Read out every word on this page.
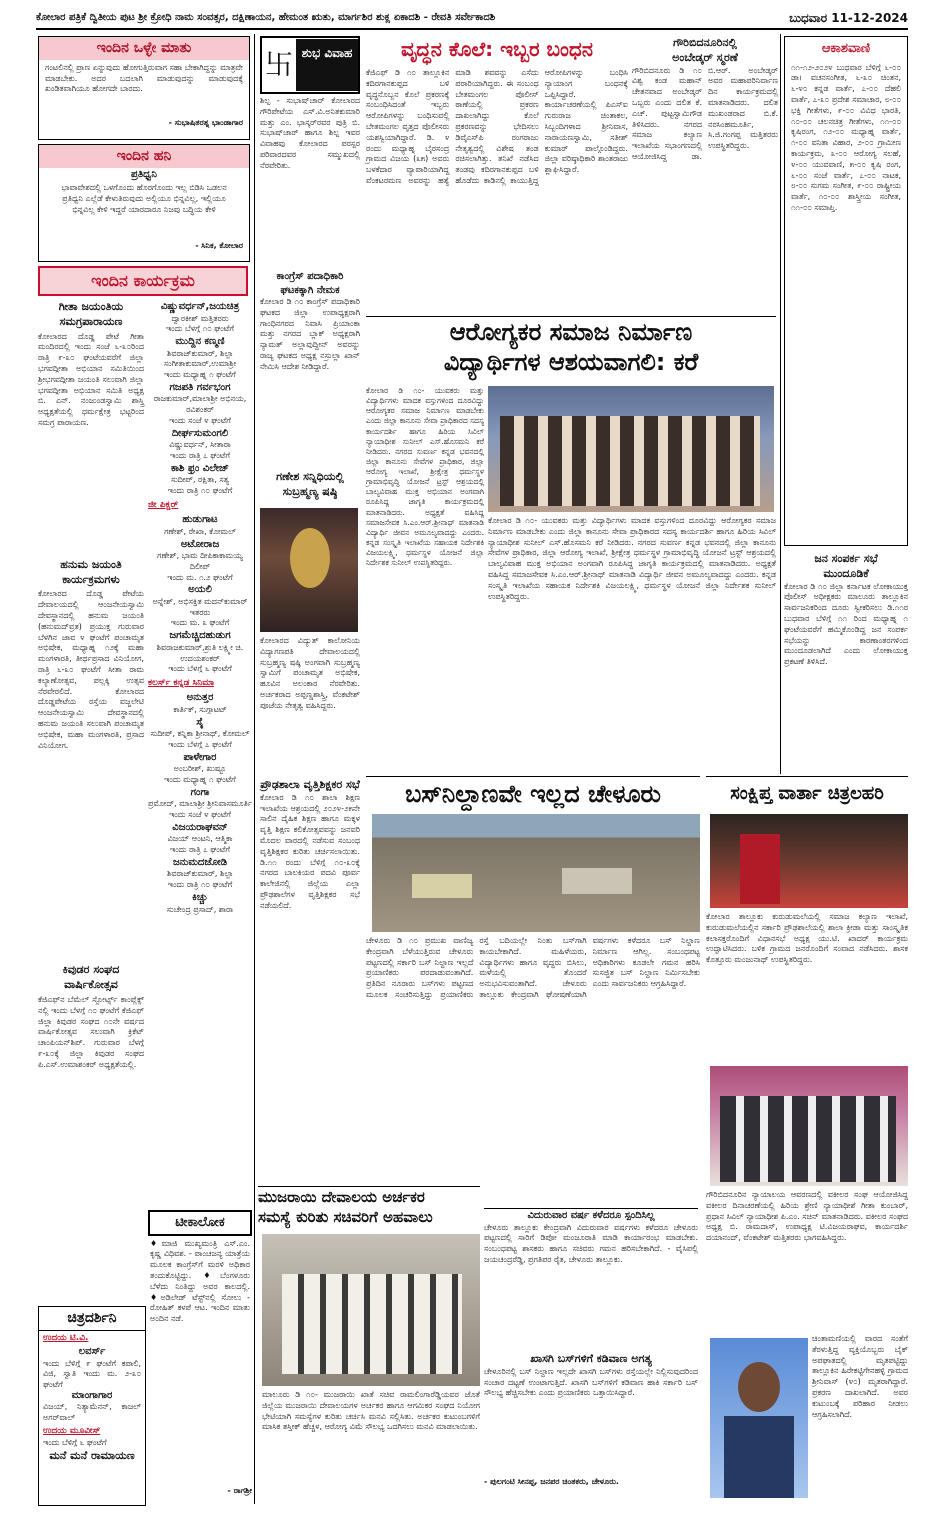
ಕೋಲಾರ ಪತ್ರಿಕೆ ದ್ವಿತೀಯ ಪುಟ ಶ್ರೀ ಕ್ರೋಧಿ ನಾಮ ಸಂವತ್ಸರ, ದಕ್ಷಿಣಾಯನ, ಹೇಮಂತ ಋತು, ಮಾರ್ಗಶಿರ ಶುಕ್ಲ ಏಕಾದಶಿ - ರೇವತಿ ಸರ್ವೇಕಾದಶಿ	ಬುಧವಾರ 11-12-2024
ಇಂದಿನ ಒಳ್ಳೇ ಮಾತು
ಗಂಟಲಿನಲ್ಲಿ ಪ್ರಾಣ ಏನ್ನುವುದು ಹೋಗುತ್ತಿರುವಾಗ ಸಹಾ ಬೇಕಾಗಿದ್ದನ್ನು ಮಾತ್ರವೇ ಮಾಡಬೇಕು. ಅದರ ಬದಲಾಗಿ ಮಾಡುವುದನ್ನು ಮಾಡುವುದಕ್ಕೆ ಖಂಡಿತವಾಗಿಯೂ ಹೋಗದೇ ಬಾರದು.
- ಸುಭಾಷಿತರತ್ನ ಭಾಂಡಾಗಾರ
ಇಂದಿನ ಹನಿ
ಪ್ರತಿಧ್ವನಿ
ಭಾವಾವೇಶದಲ್ಲಿ ಒಳಗೊಂದು ಹೊರಗೊಂದು ಇಲ್ಲ ಬಿಡಿಸಿ ಒಡಲನ ಪ್ರತಿಧ್ವನಿ ಎಲ್ಲೆಡೆ ಕೇಳುತಿರುವುದು ಅಲ್ಲಿಯೂ ಭಿನ್ನವಿಲ್ಲ, ಇಲ್ಲಿಯೂ ಭಿನ್ನವಿಲ್ಲ ಕೇಳಿ ಇದ್ದರೆ ಯಾರದಾರೂ ನಿಜವು ಬದ್ಧಿಯ ಕೇಳಿ
- ಸಿನಿಕ, ಕೋಲಾರ
ಇಂದಿನ ಕಾರ್ಯಕ್ರಮ
ಗೀತಾ ಜಯಂತಿಯ ಸಮಗ್ರಪಾರಾಯಣ
ಕೋಲಾರದ ದೊಡ್ಡ ಪೇಟೆ ಗೀತಾ ಮಂದಿರದಲ್ಲಿ ಇಂದು ಸಂಜೆ ೬-೩೦ರಿಂದ ರಾತ್ರಿ ೯-೩೦ ಘಂಟೆಯವರೆಗೆ ಜಿಲ್ಲಾ ಭಗವದ್ಗೀತಾ ಅಭಿಯಾನ ಸಮಿತಿಯಿಂದ ಶ್ರೀಭಗವದ್ಗೀತಾ ಜಯಂತಿ ಸಲುವಾಗಿ ಜಿಲ್ಲಾ ಭಗವದ್ಗೀತಾ ಅಭಿಯಾನ ಸಮಿತಿ ಅಧ್ಯಕ್ಷ ಬಿ. ಎನ್. ನಂಜುಂಡಸ್ವಾಮಿ ಶಾಸ್ತ್ರಿ ಅಧ್ಯಕ್ಷತೆಯಲ್ಲಿ ಧರ್ಮಕ್ಷೇತ್ರ ಭಟ್ಟರಿಂದ ಸಮಗ್ರ ಪಾರಾಯಣ.
ಹನುಮ ಜಯಂತಿ ಕಾರ್ಯಕ್ರಮಗಳು
ಕೋಲಾರದ ದೊಡ್ಡ ಪೇಟೆಯ ದೇವಾಲಯದಲ್ಲಿ ಆಂಜನೇಯಸ್ವಾಮಿ ದೇವಸ್ಥಾನದಲ್ಲಿ ಹನುಮ ಜಯಂತಿ (ಹನುಮದ್‌ವ್ರತ) ಪ್ರಯುಕ್ತ ಗುರುವಾರ ಬೆಳಗಿನ ಜಾವ ೪ ಘಂಟೆಗೆ ಪಂಚಾಮೃತ ಅಭಿಷೇಕ, ಮಧ್ಯಾಹ್ನ ೧೨ಕ್ಕೆ ಮಹಾ ಮಂಗಳಾರತಿ, ತೀರ್ಥಪ್ರಸಾದ ವಿನಿಯೋಗ, ರಾತ್ರಿ ೬-೩೦ ಘಂಟೆಗೆ ಸೀತಾ ರಾಮ ಕಲ್ಯಾಣೋತ್ಸವ, ಪಲ್ಲಕ್ಕಿ ಉತ್ಸವ ನೆರವೇರಲಿದೆ. ಕೋಲಾರದ ದೊಡ್ಡಪೇಟೆಯ ರಸ್ತೆಯ ವಜ್ಜಲೇಟಿ ಆಂಜನೇಯಸ್ವಾಮಿ ದೇವಸ್ಥಾನದಲ್ಲಿ ಹನುಮ ಜಯಂತಿ ಸಲುವಾಗಿ ಪಂಚಾಮೃತ ಅಭಿಷೇಕ, ಮಹಾ ಮಂಗಳಾರತಿ, ಪ್ರಸಾದ ವಿನಿಯೋಗ.
ಕಿವುಡರ ಸಂಘದ ವಾರ್ಷಿಕೋತ್ಸವ
ಕೆಜಿಎಫ್‌ನ ಬೆಮೆಲ್ ಸ್ಪೋರ್ಟ್ಸ್ ಕಾಂಪ್ಲೆಕ್ಸ್ ನಲ್ಲಿ ಇಂದು ಬೆಳಗ್ಗೆ ೧೦ ಘಂಟೆಗೆ ಕೆಜಿಎಫ್ ಜಿಲ್ಲಾ ಕಿವುಡರ ಸಂಘದ ೧೦ನೇ ವರ್ಷದ ವಾರ್ಷಿಕೋತ್ಸವ ಸಲುವಾಗಿ ಕ್ರಿಕೆಟ್ ಚಾಂಪಿಯನ್‌ಶಿಪ್. ಗುರುವಾರ ಬೆಳಗ್ಗೆ ೯-೩೦ಕ್ಕೆ ಜಿಲ್ಲಾ ಕಿವುಡರ ಸಂಘದ ಪಿ.ಎಸ್.ಉಮಾಶಂಕರ್ ಅಧ್ಯಕ್ಷತೆಯಲ್ಲಿ.
ಚಿತ್ರದರ್ಶಿನಿ
ಉದಯ ಟಿ.ವಿ.
ಲವರ್ಸ್
ಇಂದು ಬೆಳಿಗ್ಗೆ ೯ ಘಂಟೆಗೆ ಕಪಾಲಿ, ವಿಜಿ, ಸ್ವಾತಿ ಇಂದು ಮ. ೨-೩೦ ಘಂಟೆಗೆ
ಮಾಂಗಾಗಾರ
ವಿಜಯ್, ನಿತ್ಯಾಮೆನನ್, ಕಾಜಲ್ ಅಗರ್‌ವಾಲ್
ಉದಯ ಮೂವೀಸ್
ಇಂದು ಬೆಳಿಗ್ಗೆ ೬ ಘಂಟೆಗೆ
ಮನೆ ಮನೆ ರಾಮಾಯಣ
ವಿಷ್ಣುವರ್ಧನ್,ಜಯಚಿತ್ರ
ದ್ವಾರಕೀಶ್ ಮತ್ತಿತರರು
ಇಂದು ಬೆಳಗ್ಗೆ ೧೦ ಘಂಟೆಗೆ
ಮುದ್ದಿನ ಕಣ್ಮಣಿ
ಶಿವರಾಜ್‌ಕುಮಾರ್, ಶಿಲ್ಪಾ ಸಂಗೀತಾಕುಮಾರ್,ಉಮಾಶ್ರೀ
ಇಂದು ಮಧ್ಯಾಹ್ನ ೧ ಘಂಟೆಗೆ
ಗಜಪತಿ ಗರ್ವಭಂಗ
ರಾಜಕುಮಾರ್,ಮಾಲಾಶ್ರೀ ಅಭಿನಯ, ರವಿಶಂಕರ್
ಇಂದು ಸಂಜೆ ೪ ಘಂಟೆಗೆ
ದೀರ್ಘಸುಮಂಗಲಿ
ವಿಷ್ಣುವರ್ಧನ್, ಸೀತಾರಾ
ಇಂದು ರಾತ್ರಿ ೭ ಘಂಟೆಗೆ
ಕಾಶಿ ಫ್ರಂ ವಿಲೇಜ್
ಸುದೀಪ್, ರಕ್ಷಿತಾ, ಸತ್ಯ
ಇಂದು ರಾತ್ರಿ ೧೦ ಘಂಟೆಗೆ
ಜೀ ಪಿಕ್ಚರ್
ಹುಡುಗಾಟ
ಗಣೇಶ್, ರೇಖಾ, ಕೋಮಲ್
ಅಟೋರಾಜ
ಗಣೇಶ್, ಭಾಮ ದೀಪಿಕಾಕಾಮಯ್ಯ ದಿಲೀಪ್
ಇಂದು ಮ. ೧.೨ ಘಂಟೆಗೆ
ಅಯಲಿ
ಅನ್ನೇಶ್, ಅಭಿಸಕ್ತಿತ ಮದನ್‌ಕುಮಾರ್ ಇತರರು
ಇಂದು ಮ. ೩ ಘಂಟೆಗೆ
ಜಗಮೆಚ್ಚಿದಹುಡುಗ
ಶಿವರಾಜಕುಮಾರ್,ಶ್ರುತಿ ಲಕ್ಷ್ಮೀ ಚಿ. ಉದಯಶಂಕರ್
ಇಂದು ಬೆಳಗ್ಗೆ ೬ ಘಂಟೆಗೆ
ಕಲರ್ಸ್ ಕನ್ನಡ ಸಿನಿಮಾ
ಅನುತ್ತರ
ಕಾರ್ತಿಕ್, ಸುಗ್ಗಾಟಟ್‌
ಸೈ
ಸುದೀಪ್, ಕನ್ನಿಕಾ ಶ್ರೀನಾಥ್, ಕೋಮಲ್
ಇಂದು ಬೆಳಗ್ಗೆ ೭ ಘಂಟೆಗೆ
ಪಾಳೇಗಾರ
ಅಂಬರೀಶ್, ಖುಷ್ಬೂ
ಇಂದು ಮಧ್ಯಾಹ್ನ ೧ ಘಂಟೆಗೆ
ಗಂಗಾ
ಪ್ರಮೋದ್, ಮಾಲಾಶ್ರೀ ಶ್ರೀನಿವಾಸಮೂರ್ತಿ
ಇಂದು ಸಂಜೆ ೪ ಘಂಟೆಗೆ
ವಿಜಯರಾಘವನ್
ವಿಜಯ್ ಆಂಟನಿ, ಆತ್ಮಿಕಾ
ಇಂದು ರಾತ್ರಿ ೭ ಘಂಟೆಗೆ
ಜನುಮದಜೋಡಿ
ಶಿವರಾಜ್‌ಕುಮಾರ್, ಶಿಲ್ಪಾ
ಇಂದು ರಾತ್ರಿ ೧೦ ಘಂಟೆಗೆ
ಕಿಚ್ಚು
ಸುಚೇಂದ್ರ ಪ್ರಸಾದ್, ಶಾರಾ
ಟೀಕಾಲೋಕ
♦ಮಾಜಿ ಮುಖ್ಯಮಂತ್ರಿ ಎಸ್.ಎಂ. ಕೃಷ್ಣ ವಿಧಿವಶ. - ಪಾಂಚಜನ್ಯ ಯಾತ್ರೆಯ ಮೂಲಕ ಕಾಂಗ್ರೆಸ್‌ಗೆ ಮರಳಿ ಅಧಿಕಾರ ತಂದುಕೊಟ್ಟಿದ್ದು. ♦ಬೆಂಗಳೂರು ಬೆಳೆದು ನಿಂತಿದ್ದು ಅವರ ಕಾಲದಲ್ಲಿ. ♦ಅಡಿಲೇಡ್ ಟೆಸ್ಟ್‌ನಲ್ಲಿ ಸೋಲು - ರೋಹಿತ್ ಕಳಪೆ ಆಟ. ಇಂದಿನ ಮಾತು ಅಂದಿನ ನಡೆ.
- ರಾಗಶ್ರೀ
卐 ಶುಭ ವಿವಾಹ
ಶಿಲ್ಪ - ಸುಭಾಷ್‌ಚಾರ್ ಕೋಲಾರದ ಗೌರಿಪೇಟೆಯ ಎಸ್.ವಿ.ಅನಿತಕುಮಾರಿ ಮತ್ತು ಎಂ. ಭಾಸ್ಕರ್‌ರವರ ಪುತ್ರಿ ಬಿ. ಸುಭಾಷ್‌ಚಾರ್ ಹಾಗೂ ಶಿಲ್ಪ ಇವರ ವಿವಾಹವು ಕೋಲಾರದ ಪರಸ್ಪರ ಪರಿವಾರದವರ ಸಮ್ಮುಖದಲ್ಲಿ ನೆರವೇರಿತು.
ಕಾಂಗ್ರೆಸ್ ಪದಾಧಿಕಾರಿ ಘಟಕಕ್ಕಾಗಿ ನೇಮಕ
ಕೋಲಾರ ಡಿ ೧೦ ಕಾಂಗ್ರೆಸ್ ಪದಾಧಿಕಾರಿ ಘಟಕದ ಜಿಲ್ಲಾ ಉಪಾಧ್ಯಕ್ಷರಾಗಿ ಗಾಂಧಿನಗರದ ನಿವಾಸಿ ಪ್ರಿಯಾಂಕಾ ಮತ್ತು ನಗರದ ಬ್ಲಾಕ್ ಅಧ್ಯಕ್ಷರಾಗಿ ನ್ಯಾಮತ್ ಅಲ್ಲಾವುದ್ದೀನ್ ಅವರನ್ನು ರಾಜ್ಯ ಘಟಕದ ಅಧ್ಯಕ್ಷ ನಸ್ರುಲ್ಲಾ ಖಾನ್ ನೇಮಿಸಿ ಆದೇಶ ನೀಡಿದ್ದಾರೆ.
ಗಣೇಶ ಸನ್ನಿಧಿಯಲ್ಲಿ ಸುಬ್ರಹ್ಮಣ್ಯ ಷಷ್ಠಿ
ಕೋಲಾರದ ವಿದ್ಯುತ್ ಕಾಲೋನಿಯ ವಿದ್ಯಾಗಣಪತಿ ದೇವಾಲಯದಲ್ಲಿ ಸುಬ್ರಹ್ಮಣ್ಯ ಷಷ್ಠಿ ಅಂಗವಾಗಿ ಸುಬ್ರಹ್ಮಣ್ಯ ಸ್ವಾಮಿಗೆ ಪಂಚಾಮೃತ ಅಭಿಷೇಕ, ಹೂವಿನ ಅಲಂಕಾರ ನೆರವೇರಿತು. ಅರ್ಚಕರಾದ ಅಪ್ಪಣ್ಣಶಾಸ್ತ್ರಿ, ವೆಂಕಟೇಶ್ ಪೂಜೆಯ ನೇತೃತ್ವ ವಹಿಸಿದ್ದರು.
ಪ್ರೌಢಶಾಲಾ ವೃತ್ತಿಶಿಕ್ಷಕರ ಸಭೆ
ಕೋಲಾರ ಡಿ ೧೦ ಶಾಲಾ ಶಿಕ್ಷಣ ಇಲಾಖೆಯ ಆಶ್ರಯದಲ್ಲಿ ೨೦೨೪-೨೫ನೇ ಸಾಲಿನ ದೈಹಿಕ ಶಿಕ್ಷಣ ಹಾಗೂ ಮಕ್ಕಳ ವೃತ್ತಿ ಶಿಕ್ಷಣ ಕಲಿಕೋತ್ಸವವನ್ನು ಜನವರಿ ಮೊದಲ ವಾರದಲ್ಲಿ ನಡೆಸುವ ಸಂಬಂಧ ವೃತ್ತಿಶಿಕ್ಷಕರ ಕುರಿತು ಚರ್ಚಿಸಲಾಯಿತು. ಡಿ.೧೧ ರಂದು ಬೆಳಿಗ್ಗೆ ೧೦-೩೦ಕ್ಕೆ ನಗರದ ಬಾಲಕಿಯರ ಪದವಿ ಪೂರ್ವ ಕಾಲೇಜಿನಲ್ಲಿ ಜಿಲ್ಲೆಯ ಎಲ್ಲಾ ಪ್ರೌಢಶಾಲೆಗಳ ವೃತ್ತಿಶಿಕ್ಷಕರ ಸಭೆ ನಡೆಯಲಿದೆ.
ಮುಜರಾಯಿ ದೇವಾಲಯ ಅರ್ಚಕರ
ಸಮಸ್ಯೆ ಕುರಿತು ಸಚಿವರಿಗೆ ಅಹವಾಲು
ಮಾಲೂರು ಡಿ ೧೦- ಮುಜರಾಯಿ ಖಾತೆ ಸಚಿವ ರಾಮಲಿಂಗಾರೆಡ್ಡಿಯವರ ಜೊತೆ ಜಿಲ್ಲೆಯ ಮುಜರಾಯಿ ದೇವಾಲಯಗಳ ಅರ್ಚಕರ ಹಾಗೂ ಆಗಮಿಕರ ಸಂಘದ ನಿಯೋಗ ಭೇಟಿಯಾಗಿ ಸಮಸ್ಯೆಗಳ ಕುರಿತು ಚರ್ಚಿಸಿ ಮನವಿ ಸಲ್ಲಿಸಿತು. ಅರ್ಚಕರ ಕುಟುಂಬಗಳಿಗೆ ಮಾಸಿಕ ತಸ್ತೀಕ್ ಹೆಚ್ಚಳ, ಆರೋಗ್ಯ ವಿಮೆ ಸೌಲಭ್ಯ ಒದಗಿಸಲು ಮನವಿ ಮಾಡಲಾಯಿತು.
ವೃದ್ಧನ ಕೊಲೆ: ಇಬ್ಬರ ಬಂಧನ
ಕೆಜಿಎಫ್ ಡಿ ೧೦ ತಾಲ್ಲೂಕಿನ ಕದಿರಗಾನಕುಪ್ಪದ ಬಳಿ ವೃದ್ಧನೊಬ್ಬನ ಕೊಲೆ ಪ್ರಕರಣಕ್ಕೆ ಸಂಬಂಧಿಸಿದಂತೆ ಇಬ್ಬರು ಆರೋಪಿಗಳನ್ನು ಬಂಧಿಸುವಲ್ಲಿ ಬೇತಮಂಗಲ ವೃತ್ತದ ಪೊಲೀಸರು ಯಶಸ್ವಿಯಾಗಿದ್ದಾರೆ. ಡಿ. ೪ ರಂದು ಮಧ್ಯಾಹ್ನ ಬೈರಸಂದ್ರ ಗ್ರಾಮದ ವಿಜಯ (೩೫) ಅವರು ಬಳಕೆದಾರ ವ್ಯಾಪಾರಿಯಾಗಿದ್ದ ವೆಂಕಟರಮಣ ಅವರನ್ನು ಹತ್ಯೆ ಮಾಡಿ ಶವವನ್ನು ಎಸೆದು ಪರಾರಿಯಾಗಿದ್ದರು. ಈ ಸಂಬಂಧ ಬೇತಮಂಗಲ ಪೊಲೀಸ್ ಠಾಣೆಯಲ್ಲಿ ಪ್ರಕರಣ ದಾಖಲಾಗಿದ್ದು ಕೊಲೆ ಪ್ರಕರಣವನ್ನು ಭೇದಿಸಲು ಡಿವೈಎಸ್‌ಪಿ ರಂಗರಾಜು ನೇತೃತ್ವದಲ್ಲಿ ವಿಶೇಷ ತಂಡ ರಚಿಸಲಾಗಿತ್ತು. ತನಿಖೆ ನಡೆಸಿದ ತಂಡವು ಕದಿರಗಾನಕುಪ್ಪದ ಬಳಿ ಹೊಡೆದು ಕಾಡಿನಲ್ಲಿ ಕಾಯುತ್ತಿದ್ದ ಆರೋಪಿಗಳನ್ನು ಬಂಧಿಸಿ ನ್ಯಾಯಾಂಗ ಬಂಧನಕ್ಕೆ ಒಪ್ಪಿಸಿದ್ದಾರೆ. ಕಾರ್ಯಾಚರಣೆಯಲ್ಲಿ ಪಿಎಸ್‌ಐ ಗುರುರಾಜ ಚಿಂತಾಕಲ, ಸಿಬ್ಬಂದಿಗಳಾದ ಶ್ರೀನಿವಾಸ, ನಾರಾಯಣಸ್ವಾಮಿ, ಸತೀಶ್ ಕುಮಾರ್ ಪಾಲ್ಗೊಂಡಿದ್ದರು. ಜಿಲ್ಲಾ ವರಿಷ್ಠಾಧಿಕಾರಿ ಶಾಂತರಾಜು ಶ್ಲಾಘಿಸಿದ್ದಾರೆ.
ಗೌರಿಬಿದನೂರಿನಲ್ಲಿ
ಅಂಬೇಡ್ಕರ್ ಸ್ಮರಣೆ
ಗೌರಿಬಿದನೂರು ಡಿ ೧೦ ವಿಶ್ವ ಕಂಡ ಮಹಾನ್ ಚೇತನವಾದ ಅಂಬೇಡ್ಕರ್ ಒಬ್ಬರು ಎಂದು ದಲಿತ ಕೆ. ಎಚ್. ಪುಟ್ಟಸ್ವಾಮಿಗೌಡ ತಿಳಿಸಿದರು. ನಗರದ ಸಮಾಜ ಕಲ್ಯಾಣ ಇಲಾಖೆಯ ಸಭಾಂಗಣದಲ್ಲಿ ಆಯೋಜಿಸಿದ್ದ ಡಾ. ಬಿ.ಆರ್. ಅಂಬೇಡ್ಕರ್ ಅವರ ಮಹಾಪರಿನಿರ್ವಾಣ ದಿನ ಕಾರ್ಯಕ್ರಮದಲ್ಲಿ ಮಾತನಾಡಿದರು. ದಲಿತ ಮುಖಂಡರಾದ ಬಿ.ಕೆ. ನರಸಿಂಹಮೂರ್ತಿ, ಸಿ.ಜಿ.ಗಂಗಪ್ಪ ಮತ್ತಿತರರು ಉಪಸ್ಥಿತರಿದ್ದರು.
ಆಕಾಶವಾಣಿ
೧೧-೧೨-೨೦೨೪ ಬುಧವಾರ ಬೆಳಿಗ್ಗೆ ೬-೦೦ ಡಾ। ವಚನಸಂಗೀತ, ೬-೩೦ ಚಿಂತನ, ೬-೪೦ ಕನ್ನಡ ವಾರ್ತೆ, ೭-೦೦ ದೆಹಲಿ ವಾರ್ತೆ, ೭-೩೦ ಪ್ರದೇಶ ಸಮಾಚಾರ, ೮-೦೦ ಭಕ್ತಿ ಗೀತೆಗಳು, ೯-೦೦ ವಿವಿಧ ಭಾರತಿ, ೧೦-೦೦ ಚಲನಚಿತ್ರ ಗೀತೆಗಳು, ೧೧-೦೦ ಕೃಷಿರಂಗ, ೧೨-೦೦ ಮಧ್ಯಾಹ್ನ ವಾರ್ತೆ, ೧-೦೦ ವನಿತಾ ವಿಹಾರ, ೨-೦೦ ಗ್ರಾಮೀಣ ಕಾರ್ಯಕ್ರಮ, ೩-೦೦ ಆರೋಗ್ಯ ಸಲಹೆ, ೪-೦೦ ಯುವವಾಣಿ, ೫-೦೦ ಕೃಷಿ ರಂಗ, ೬-೦೦ ಸಂಜೆ ವಾರ್ತೆ, ೭-೦೦ ನಾಟಕ, ೮-೦೦ ಸುಗಮ ಸಂಗೀತ, ೯-೦೦ ರಾಷ್ಟ್ರೀಯ ವಾರ್ತೆ, ೧೦-೦೦ ಶಾಸ್ತ್ರೀಯ ಸಂಗೀತ, ೧೧-೦೦ ಸಮಾಪ್ತಿ.
ಜನ ಸಂಪರ್ಕ ಸಭೆ
ಮುಂದೂಡಿಕೆ
ಕೋಲಾರ ಡಿ ೧೦ ಜಿಲ್ಲಾ ಕರ್ನಾಟಕ ಲೋಕಾಯುಕ್ತ ಪೊಲೀಸ್ ಅಧೀಕ್ಷಕರು ಮಾಲೂರು ತಾಲ್ಲೂಕಿನ ಸಾರ್ವಜನಿಕರಿಂದ ದೂರು ಸ್ವೀಕರಿಸಲು ಡಿ.೧೧ರ ಬುಧವಾರ ಬೆಳಿಗ್ಗೆ ೧೧ ರಿಂದ ಮಧ್ಯಾಹ್ನ ೧ ಘಂಟೆಯವರೆಗೆ ಹಮ್ಮಿಕೊಂಡಿದ್ದ ಜನ ಸಂಪರ್ಕ ಸಭೆಯನ್ನು ಕಾರಣಾಂತರಗಳಿಂದ ಮುಂದೂಡಲಾಗಿದೆ ಎಂದು ಲೋಕಾಯುಕ್ತ ಪ್ರಕಟಣೆ ತಿಳಿಸಿದೆ.
ಆರೋಗ್ಯಕರ ಸಮಾಜ ನಿರ್ಮಾಣ
ವಿದ್ಯಾರ್ಥಿಗಳ ಆಶಯವಾಗಲಿ: ಕರೆ
ಕೋಲಾರ ಡಿ ೧೦- ಯುವಕರು ಮತ್ತು ವಿದ್ಯಾರ್ಥಿಗಳು ಮಾದಕ ವಸ್ತುಗಳಿಂದ ದೂರವಿದ್ದು ಆರೋಗ್ಯಕರ ಸಮಾಜ ನಿರ್ಮಾಣ ಮಾಡಬೇಕು ಎಂದು ಜಿಲ್ಲಾ ಕಾನೂನು ಸೇವಾ ಪ್ರಾಧಿಕಾರದ ಸದಸ್ಯ ಕಾರ್ಯದರ್ಶಿ ಹಾಗೂ ಹಿರಿಯ ಸಿವಿಲ್ ನ್ಯಾಯಾಧೀಶ ಸುನೀಲ್ ಎಸ್.ಹೊಸಮನಿ ಕರೆ ನೀಡಿದರು. ನಗರದ ಸುವರ್ಣ ಕನ್ನಡ ಭವನದಲ್ಲಿ ಜಿಲ್ಲಾ ಕಾನೂನು ಸೇವೆಗಳ ಪ್ರಾಧಿಕಾರ, ಜಿಲ್ಲಾ ಆರೋಗ್ಯ ಇಲಾಖೆ, ಶ್ರೀಕ್ಷೇತ್ರ ಧರ್ಮಸ್ಥಳ ಗ್ರಾಮಾಭಿವೃದ್ಧಿ ಯೋಜನೆ ಟ್ರಸ್ಟ್ ಆಶ್ರಯದಲ್ಲಿ ಬಾಲ್ಯವಿವಾಹ ಮುಕ್ತ ಅಭಿಯಾನ ಅಂಗವಾಗಿ ರೂಪಿಸಿದ್ದ ಜಾಗೃತಿ ಕಾರ್ಯಕ್ರಮದಲ್ಲಿ ಮಾತನಾಡಿದರು. ಅಧ್ಯಕ್ಷತೆ ವಹಿಸಿದ್ದ ಸಮಾಜಸೇವಕ ಸಿ.ಎಂ.ಆರ್.ಶ್ರೀನಾಥ್ ಮಾತನಾಡಿ ವಿದ್ಯಾರ್ಥಿ ಜೀವನ ಅಮೂಲ್ಯವಾದದ್ದು ಎಂದರು. ಕನ್ನಡ ಸಂಸ್ಕೃತಿ ಇಲಾಖೆಯ ಸಹಾಯಕ ನಿರ್ದೇಶಕಿ ವಿಜಯಲಕ್ಷ್ಮಿ, ಧರ್ಮಸ್ಥಳ ಯೋಜನೆ ಜಿಲ್ಲಾ ನಿರ್ದೇಶಕ ಸುನೀಲ್ ಉಪಸ್ಥಿತರಿದ್ದರು.
ಕೋಲಾರ ಡಿ ೧೦- ಯುವಕರು ಮತ್ತು ವಿದ್ಯಾರ್ಥಿಗಳು ಮಾದಕ ವಸ್ತುಗಳಿಂದ ದೂರವಿದ್ದು ಆರೋಗ್ಯಕರ ಸಮಾಜ ನಿರ್ಮಾಣ ಮಾಡಬೇಕು ಎಂದು ಜಿಲ್ಲಾ ಕಾನೂನು ಸೇವಾ ಪ್ರಾಧಿಕಾರದ ಸದಸ್ಯ ಕಾರ್ಯದರ್ಶಿ ಹಾಗೂ ಹಿರಿಯ ಸಿವಿಲ್ ನ್ಯಾಯಾಧೀಶ ಸುನೀಲ್ ಎಸ್.ಹೊಸಮನಿ ಕರೆ ನೀಡಿದರು. ನಗರದ ಸುವರ್ಣ ಕನ್ನಡ ಭವನದಲ್ಲಿ ಜಿಲ್ಲಾ ಕಾನೂನು ಸೇವೆಗಳ ಪ್ರಾಧಿಕಾರ, ಜಿಲ್ಲಾ ಆರೋಗ್ಯ ಇಲಾಖೆ, ಶ್ರೀಕ್ಷೇತ್ರ ಧರ್ಮಸ್ಥಳ ಗ್ರಾಮಾಭಿವೃದ್ಧಿ ಯೋಜನೆ ಟ್ರಸ್ಟ್ ಆಶ್ರಯದಲ್ಲಿ ಬಾಲ್ಯವಿವಾಹ ಮುಕ್ತ ಅಭಿಯಾನ ಅಂಗವಾಗಿ ರೂಪಿಸಿದ್ದ ಜಾಗೃತಿ ಕಾರ್ಯಕ್ರಮದಲ್ಲಿ ಮಾತನಾಡಿದರು. ಅಧ್ಯಕ್ಷತೆ ವಹಿಸಿದ್ದ ಸಮಾಜಸೇವಕ ಸಿ.ಎಂ.ಆರ್.ಶ್ರೀನಾಥ್ ಮಾತನಾಡಿ ವಿದ್ಯಾರ್ಥಿ ಜೀವನ ಅಮೂಲ್ಯವಾದದ್ದು ಎಂದರು. ಕನ್ನಡ ಸಂಸ್ಕೃತಿ ಇಲಾಖೆಯ ಸಹಾಯಕ ನಿರ್ದೇಶಕಿ ವಿಜಯಲಕ್ಷ್ಮಿ, ಧರ್ಮಸ್ಥಳ ಯೋಜನೆ ಜಿಲ್ಲಾ ನಿರ್ದೇಶಕ ಸುನೀಲ್ ಉಪಸ್ಥಿತರಿದ್ದರು.
ಬಸ್‌ನಿಲ್ದಾಣವೇ ಇಲ್ಲದ ಚೇಳೂರು
ಚೇಳೂರು ಡಿ ೧೦ ಪ್ರಮುಖ ವಾಣಿಜ್ಯ ಕೇಂದ್ರವಾಗಿ ಬೆಳೆಯುತ್ತಿರುವ ಚೇಳೂರು ಪಟ್ಟಣದಲ್ಲಿ ಸರ್ಕಾರಿ ಬಸ್ ನಿಲ್ದಾಣ ಇಲ್ಲದೆ ಪ್ರಯಾಣಿಕರು ಪರದಾಡುವಂತಾಗಿದೆ. ಪ್ರತಿದಿನ ನೂರಾರು ಬಸ್‌ಗಳು ಪಟ್ಟಣದ ಮೂಲಕ ಸಂಚರಿಸುತ್ತಿದ್ದು ಪ್ರಯಾಣಿಕರು ರಸ್ತೆ ಬದಿಯಲ್ಲೇ ನಿಂತು ಬಸ್‌ಗಾಗಿ ಕಾಯಬೇಕಾಗಿದೆ. ಮಹಿಳೆಯರು, ವಿದ್ಯಾರ್ಥಿಗಳು ಹಾಗೂ ವೃದ್ಧರು ಬಿಸಿಲು, ಮಳೆಯಲ್ಲಿ ತೊಂದರೆ ಅನುಭವಿಸುವಂತಾಗಿದೆ. ಚೇಳೂರು ತಾಲ್ಲೂಕು ಕೇಂದ್ರವಾಗಿ ಘೋಷಣೆಯಾಗಿ ವರ್ಷಗಳು ಕಳೆದರೂ ಬಸ್ ನಿಲ್ದಾಣ ನಿರ್ಮಾಣ ಆಗಿಲ್ಲ. ಸಂಬಂಧಪಟ್ಟ ಅಧಿಕಾರಿಗಳು ಕೂಡಲೇ ಗಮನ ಹರಿಸಿ ಸುಸಜ್ಜಿತ ಬಸ್ ನಿಲ್ದಾಣ ನಿರ್ಮಿಸಬೇಕು ಎಂದು ಸಾರ್ವಜನಿಕರು ಆಗ್ರಹಿಸಿದ್ದಾರೆ.
ವಿದುರುವಾರ ವರ್ಷ ಕಳೆದರೂ ಸ್ಪಂದಿಸಿಲ್ಲ
ಚೇಳೂರು ತಾಲ್ಲೂಕು ಕೇಂದ್ರವಾಗಿ ವಿದುರುವಾರ ವರ್ಷಗಳು ಕಳೆದರೂ ಚೇಳೂರು ಪಟ್ಟಣದಲ್ಲಿ ಸಾರಿಗೆ ಡಿಪೋ ಮಂಜೂರಾತಿ ಮಾಡಿ ಕಾರ್ಯಾರಂಭ ಮಾಡಬೇಕು. ಸಂಬಂಧಪಟ್ಟ ಶಾಸಕರು ಹಾಗೂ ಸಚಿವರು ಗಮನ ಹರಿಸಬೇಕಾಗಿದೆ. - ವೈಸಿಪಲ್ಲಿ ಜಯಚಂದ್ರರೆಡ್ಡಿ, ಪ್ರಗತಿಪರ ರೈತ, ಚೇಳೂರು ತಾಲ್ಲೂಕು.
ಖಾಸಗಿ ಬಸ್‌ಗಳಿಗೆ ಕಡಿವಾಣ ಅಗತ್ಯ
ಚೇಳೂರಿನಲ್ಲಿ ಬಸ್ ನಿಲ್ದಾಣ ಇಲ್ಲದೇ ಖಾಸಗಿ ಬಸ್‌ಗಳು ರಸ್ತೆಯಲ್ಲೇ ನಿಲ್ಲಿಸುವುದರಿಂದ ಸಂಚಾರ ದಟ್ಟಣೆ ಉಂಟಾಗುತ್ತಿದೆ. ಖಾಸಗಿ ಬಸ್‌ಗಳಿಗೆ ಕಡಿವಾಣ ಹಾಕಿ ಸರ್ಕಾರಿ ಬಸ್ ಸೌಲಭ್ಯ ಹೆಚ್ಚಿಸಬೇಕು ಎಂದು ಪ್ರಯಾಣಿಕರು ಒತ್ತಾಯಿಸಿದ್ದಾರೆ.
- ಪುಲಗಂಟಿ ಸೀನಪ್ಪ, ಜನಪರ ಚಿಂತಕರು, ಚೇಳೂರು.
ಸಂಕ್ಷಿಪ್ತ ವಾರ್ತಾ ಚಿತ್ರಲಹರಿ
ಕೋಲಾರ ತಾಲ್ಲೂಕು ಕುರುಡುಮಲೆಯಲ್ಲಿ ಸಮಾಜ ಕಲ್ಯಾಣ ಇಲಾಖೆ, ಕುರುಡುಮಲೆಯಲ್ಲಿನ ಸರ್ಕಾರಿ ಪ್ರೌಢಶಾಲೆಯಲ್ಲಿ ಶಾಲಾ ಕ್ರೀಡಾ ಮತ್ತು ಸಾಂಸ್ಕೃತಿಕ ಕಲಾಸಕ್ತರೊಂದಿಗೆ ವಿಧಾನಸಭೆ ಅಧ್ಯಕ್ಷ ಯು.ಟಿ. ಖಾದರ್ ಕಾರ್ಯಕ್ರಮ ಉದ್ಘಾಟಿಸಿದರು. ಬಳಿಕ ಗ್ರಾಮದ ಜನರೊಂದಿಗೆ ಸಂವಾದ ನಡೆಸಿದರು. ಶಾಸಕ ಕೊತ್ತೂರು ಮಂಜುನಾಥ್ ಉಪಸ್ಥಿತರಿದ್ದರು.
ಗೌರಿಬಿದನೂರಿನ ನ್ಯಾಯಾಲಯ ಆವರಣದಲ್ಲಿ ವಕೀಲರ ಸಂಘ ಆಯೋಜಿಸಿದ್ದ ವಕೀಲರ ದಿನಾಚರಣೆಯಲ್ಲಿ ಹಿರಿಯ ಶ್ರೇಣಿ ನ್ಯಾಯಾಧೀಶೆ ಗೀತಾ ಕುಂಬಾರ್, ಪ್ರಧಾನ ಸಿವಿಲ್ ನ್ಯಾಯಾಧೀಶ ಪಿ.ಎಂ. ಸಚಿನ್ ಮಾತನಾಡಿದರು. ವಕೀಲರ ಸಂಘದ ಅಧ್ಯಕ್ಷ ಬಿ. ರಾಮದಾಸ್, ಉಪಾಧ್ಯಕ್ಷ ಟಿ.ವಿಜಯರಾಘವ, ಕಾರ್ಯದರ್ಶಿ ದಯಾನಂದ್, ವೆಂಕಟೇಶ್ ಮತ್ತಿತರರು ಭಾಗವಹಿಸಿದ್ದರು.
ಚಿಂತಾಮಣಿಯಲ್ಲಿ ವಾರದ ಸಂತೆಗೆ ತೆರಳುತ್ತಿದ್ದ ವ್ಯಕ್ತಿಯೊಬ್ಬರು ಬೈಕ್ ಅಪಘಾತದಲ್ಲಿ ಮೃತಪಟ್ಟಿದ್ದು ತಾಲ್ಲೂಕಿನ ಹಿರೇಕಟ್ಟಿಗೇನಹಳ್ಳಿ ಗ್ರಾಮದ ಶ್ರೀನಿವಾಸ್ (೪೦) ಮೃತರಾಗಿದ್ದಾರೆ. ಪ್ರಕರಣ ದಾಖಲಾಗಿದೆ. ಅವರ ಕುಟುಂಬಕ್ಕೆ ಪರಿಹಾರ ನೀಡಲು ಆಗ್ರಹಿಸಲಾಗಿದೆ.
